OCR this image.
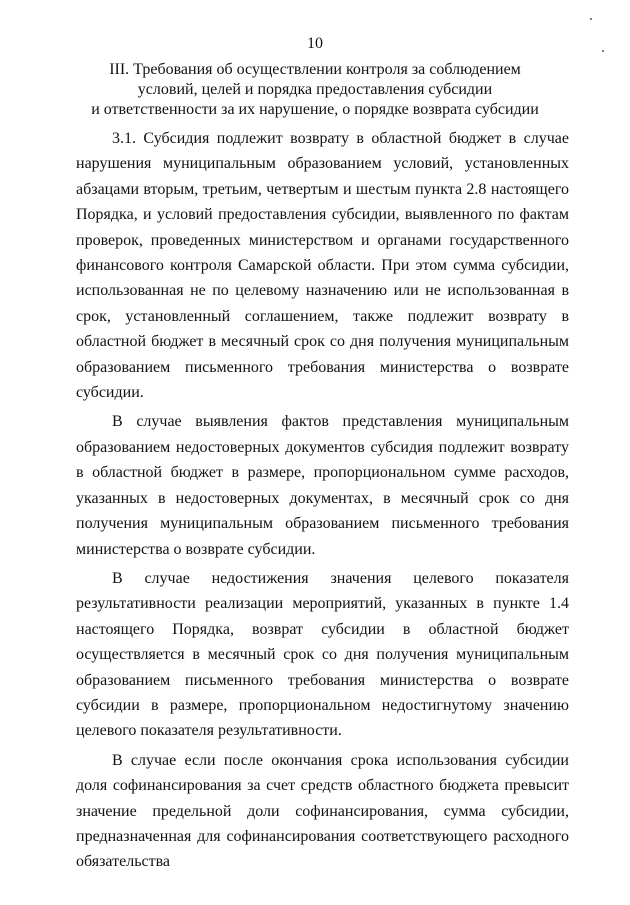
10
III. Требования об осуществлении контроля за соблюдением
условий, целей и порядка предоставления субсидии
и ответственности за их нарушение, о порядке возврата субсидии

3.1. Субсидия подлежит возврату в областной бюджет в случае нарушения муниципальным образованием условий, установленных абзацами вторым, третьим, четвертым и шестым пункта 2.8 настоящего Порядка, и условий предоставления субсидии, выявленного по фактам проверок, проведенных министерством и органами государственного финансового контроля Самарской области. При этом сумма субсидии, использованная не по целевому назначению или не использованная в срок, установленный соглашением, также подлежит возврату в областной бюджет в месячный срок со дня получения муниципальным образованием письменного требования министерства о возврате субсидии.

В случае выявления фактов представления муниципальным образованием недостоверных документов субсидия подлежит возврату в областной бюджет в размере, пропорциональном сумме расходов, указанных в недостоверных документах, в месячный срок со дня получения муниципальным образованием письменного требования министерства о возврате субсидии.

В случае недостижения значения целевого показателя результативности реализации мероприятий, указанных в пункте 1.4 настоящего Порядка, возврат субсидии в областной бюджет осуществляется в месячный срок со дня получения муниципальным образованием письменного требования министерства о возврате субсидии в размере, пропорциональном недостигнутому значению целевого показателя результативности.

В случае если после окончания срока использования субсидии доля софинансирования за счет средств областного бюджета превысит значение предельной доли софинансирования, сумма субсидии, предназначенная для софинансирования соответствующего расходного обязательства
